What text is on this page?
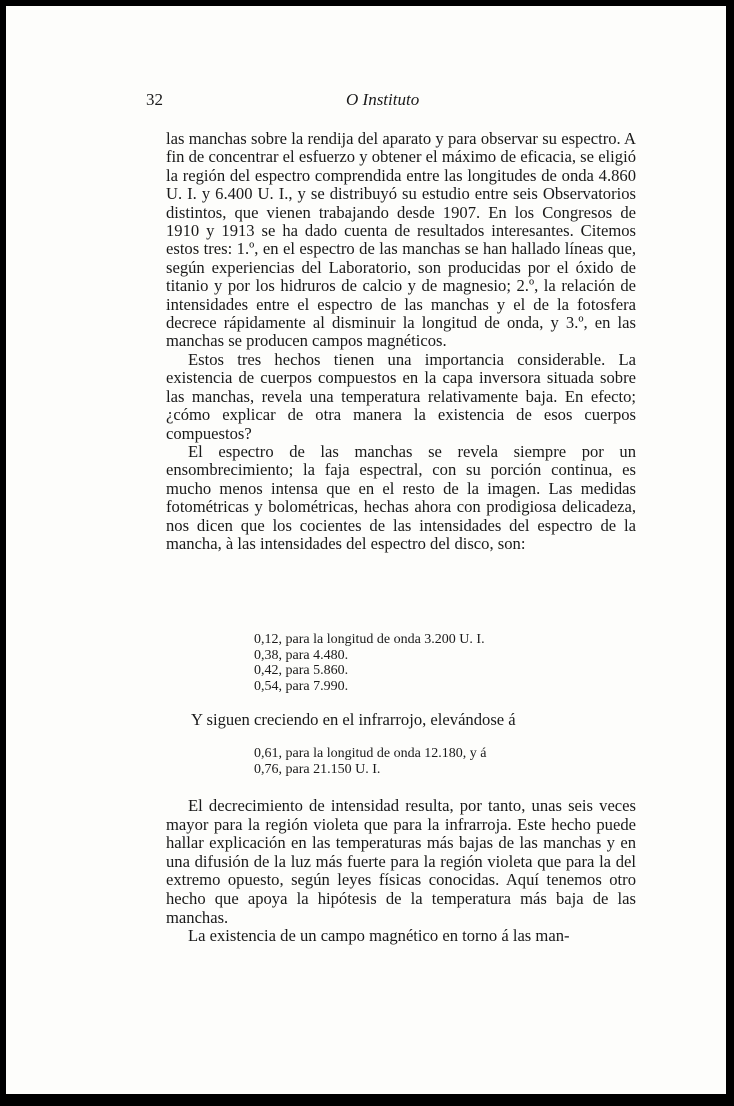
32	O Instituto

las manchas sobre la rendija del aparato y para observar su espectro. A fin de concentrar el esfuerzo y obtener el máximo de eficacia, se eligió la región del espectro comprendida entre las longitudes de onda 4.860 U. I. y 6.400 U. I., y se distribuyó su estudio entre seis Observatorios distintos, que vienen trabajando desde 1907. En los Congresos de 1910 y 1913 se ha dado cuenta de resultados interesantes. Citemos estos tres: 1.º, en el espectro de las manchas se han hallado líneas que, según experiencias del Laboratorio, son producidas por el óxido de titanio y por los hidruros de calcio y de magnesio; 2.º, la relación de intensidades entre el espectro de las manchas y el de la fotosfera decrece rápidamente al disminuir la longitud de onda, y 3.º, en las manchas se producen campos magnéticos.

Estos tres hechos tienen una importancia considerable. La existencia de cuerpos compuestos en la capa inversora situada sobre las manchas, revela una temperatura relativamente baja. En efecto; ¿cómo explicar de otra manera la existencia de esos cuerpos compuestos?

El espectro de las manchas se revela siempre por un ensombrecimiento; la faja espectral, con su porción continua, es mucho menos intensa que en el resto de la imagen. Las medidas fotométricas y bolométricas, hechas ahora con prodigiosa delicadeza, nos dicen que los cocientes de las intensidades del espectro de la mancha, à las intensidades del espectro del disco, son:

0,12, para la longitud de onda 3.200 U. I.
0,38, para 4.480.
0,42, para 5.860.
0,54, para 7.990.
Y siguen creciendo en el infrarrojo, elevándose á
0,61, para la longitud de onda 12.180, y á
0,76, para 21.150 U. I.

El decrecimiento de intensidad resulta, por tanto, unas seis veces mayor para la región violeta que para la infrarroja. Este hecho puede hallar explicación en las temperaturas más bajas de las manchas y en una difusión de la luz más fuerte para la región violeta que para la del extremo opuesto, según leyes físicas conocidas. Aquí tenemos otro hecho que apoya la hipótesis de la temperatura más baja de las manchas.

La existencia de un campo magnético en torno á las man-
